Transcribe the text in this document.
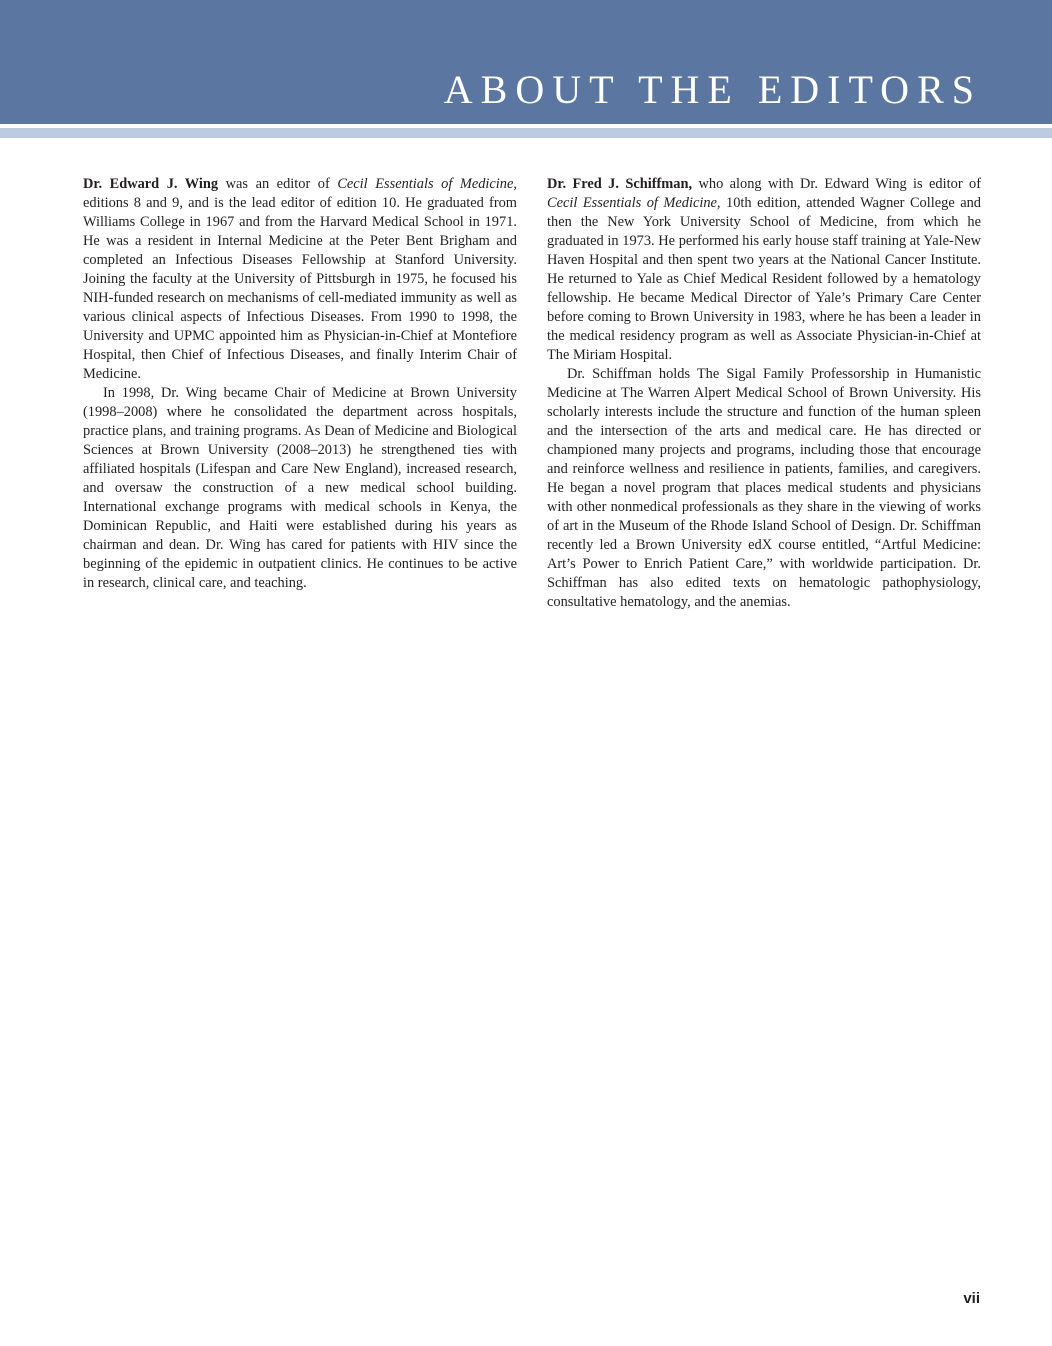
ABOUT THE EDITORS

Dr. Edward J. Wing was an editor of Cecil Essentials of Medicine, editions 8 and 9, and is the lead editor of edition 10. He graduated from Williams College in 1967 and from the Harvard Medical School in 1971. He was a resident in Internal Medicine at the Peter Bent Brigham and completed an Infectious Diseases Fellowship at Stanford University. Joining the faculty at the University of Pittsburgh in 1975, he focused his NIH-funded research on mechanisms of cell-mediated immunity as well as various clinical aspects of Infectious Diseases. From 1990 to 1998, the University and UPMC appointed him as Physician-in-Chief at Montefiore Hospital, then Chief of Infectious Diseases, and finally Interim Chair of Medicine.

In 1998, Dr. Wing became Chair of Medicine at Brown University (1998–2008) where he consolidated the department across hospitals, practice plans, and training programs. As Dean of Medicine and Biological Sciences at Brown University (2008–2013) he strengthened ties with affiliated hospitals (Lifespan and Care New England), increased research, and oversaw the construction of a new medical school building. International exchange programs with medical schools in Kenya, the Dominican Republic, and Haiti were established during his years as chairman and dean. Dr. Wing has cared for patients with HIV since the beginning of the epidemic in outpatient clinics. He continues to be active in research, clinical care, and teaching.

Dr. Fred J. Schiffman, who along with Dr. Edward Wing is editor of Cecil Essentials of Medicine, 10th edition, attended Wagner College and then the New York University School of Medicine, from which he graduated in 1973. He performed his early house staff training at Yale-New Haven Hospital and then spent two years at the National Cancer Institute. He returned to Yale as Chief Medical Resident followed by a hematology fellowship. He became Medical Director of Yale’s Primary Care Center before coming to Brown University in 1983, where he has been a leader in the medical residency program as well as Associate Physician-in-Chief at The Miriam Hospital.

Dr. Schiffman holds The Sigal Family Professorship in Humanistic Medicine at The Warren Alpert Medical School of Brown University. His scholarly interests include the structure and function of the human spleen and the intersection of the arts and medical care. He has directed or championed many projects and programs, including those that encourage and reinforce wellness and resilience in patients, families, and caregivers. He began a novel program that places medical students and physicians with other nonmedical professionals as they share in the viewing of works of art in the Museum of the Rhode Island School of Design. Dr. Schiffman recently led a Brown University edX course entitled, “Artful Medicine: Art’s Power to Enrich Patient Care,” with worldwide participation. Dr. Schiffman has also edited texts on hematologic pathophysiology, consultative hematology, and the anemias.

vii
